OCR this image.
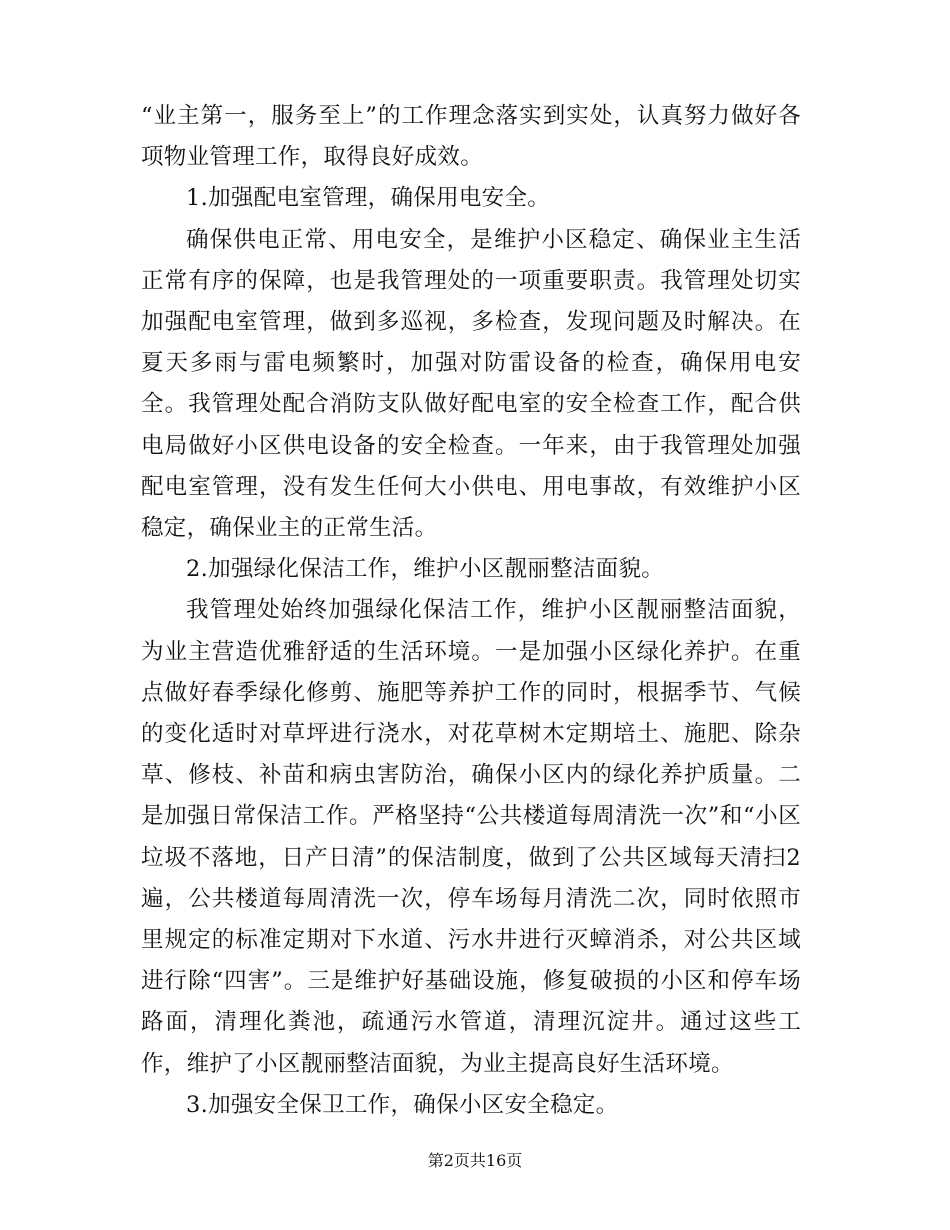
“业主第一，服务至上”的工作理念落实到实处，认真努力做好各项物业管理工作，取得良好成效。

1.加强配电室管理，确保用电安全。

确保供电正常、用电安全，是维护小区稳定、确保业主生活正常有序的保障，也是我管理处的一项重要职责。我管理处切实加强配电室管理，做到多巡视，多检查，发现问题及时解决。在夏天多雨与雷电频繁时，加强对防雷设备的检查，确保用电安全。我管理处配合消防支队做好配电室的安全检查工作，配合供电局做好小区供电设备的安全检查。一年来，由于我管理处加强配电室管理，没有发生任何大小供电、用电事故，有效维护小区稳定，确保业主的正常生活。

2.加强绿化保洁工作，维护小区靓丽整洁面貌。

我管理处始终加强绿化保洁工作，维护小区靓丽整洁面貌，为业主营造优雅舒适的生活环境。一是加强小区绿化养护。在重点做好春季绿化修剪、施肥等养护工作的同时，根据季节、气候的变化适时对草坪进行浇水，对花草树木定期培土、施肥、除杂草、修枝、补苗和病虫害防治，确保小区内的绿化养护质量。二是加强日常保洁工作。严格坚持“公共楼道每周清洗一次”和“小区垃圾不落地，日产日清”的保洁制度，做到了公共区域每天清扫2遍，公共楼道每周清洗一次，停车场每月清洗二次，同时依照市里规定的标准定期对下水道、污水井进行灭蟑消杀，对公共区域进行除“四害”。三是维护好基础设施，修复破损的小区和停车场路面，清理化粪池，疏通污水管道，清理沉淀井。通过这些工作，维护了小区靓丽整洁面貌，为业主提高良好生活环境。

3.加强安全保卫工作，确保小区安全稳定。

第2页共16页
